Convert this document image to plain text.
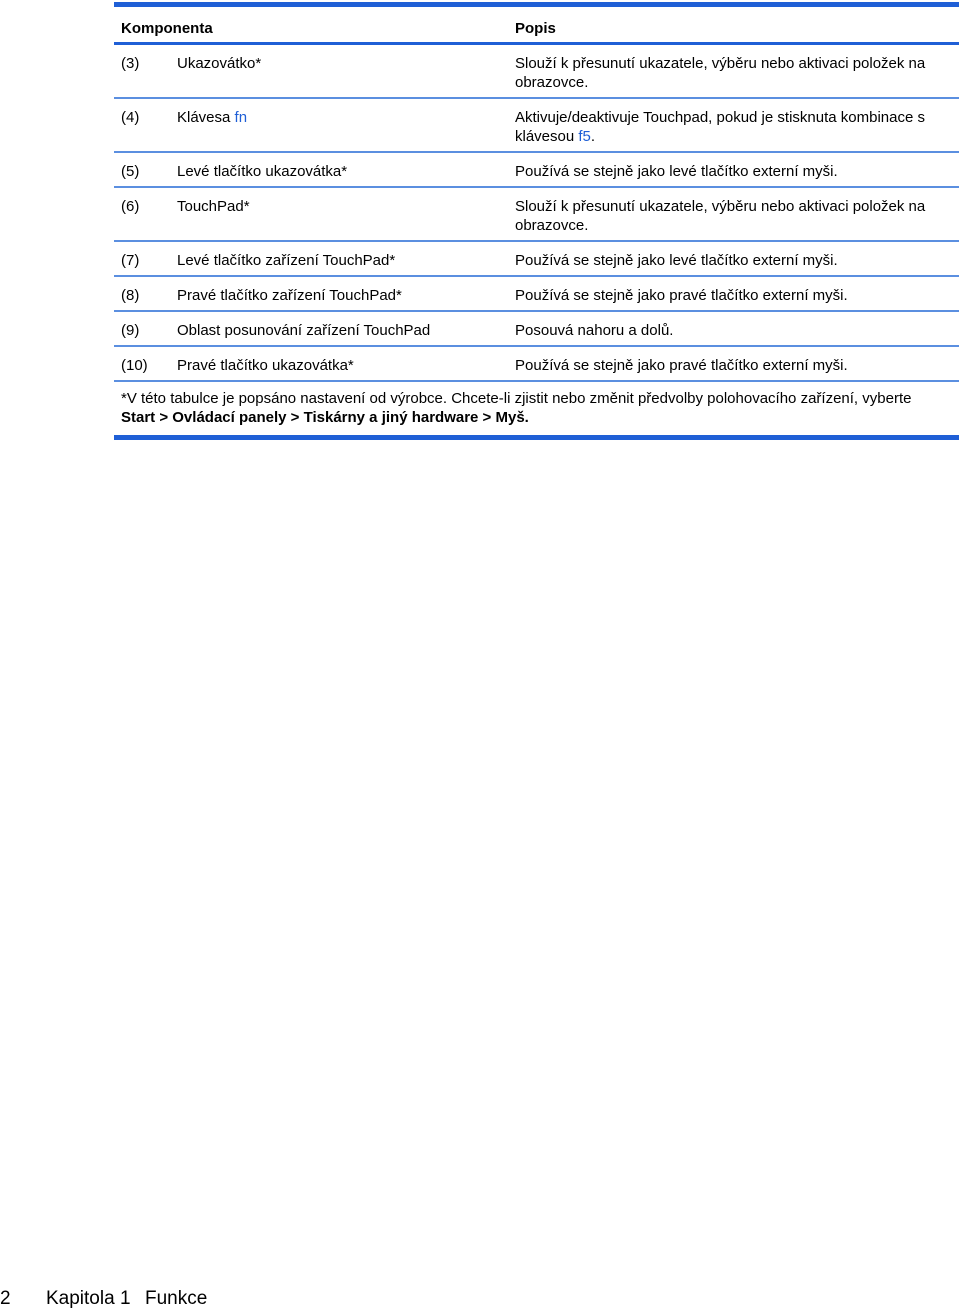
Komponenta	Popis
(3)	Ukazovátko*	Slouží k přesunutí ukazatele, výběru nebo aktivaci položek na obrazovce.
(4)	Klávesa fn	Aktivuje/deaktivuje Touchpad, pokud je stisknuta kombinace s klávesou f5.
(5)	Levé tlačítko ukazovátka*	Používá se stejně jako levé tlačítko externí myši.
(6)	TouchPad*	Slouží k přesunutí ukazatele, výběru nebo aktivaci položek na obrazovce.
(7)	Levé tlačítko zařízení TouchPad*	Používá se stejně jako levé tlačítko externí myši.
(8)	Pravé tlačítko zařízení TouchPad*	Používá se stejně jako pravé tlačítko externí myši.
(9)	Oblast posunování zařízení TouchPad	Posouvá nahoru a dolů.
(10) Pravé tlačítko ukazovátka*	Používá se stejně jako pravé tlačítko externí myši.
*V této tabulce je popsáno nastavení od výrobce. Chcete-li zjistit nebo změnit předvolby polohovacího zařízení, vyberte Start > Ovládací panely > Tiskárny a jiný hardware > Myš.
2 Kapitola 1 Funkce
